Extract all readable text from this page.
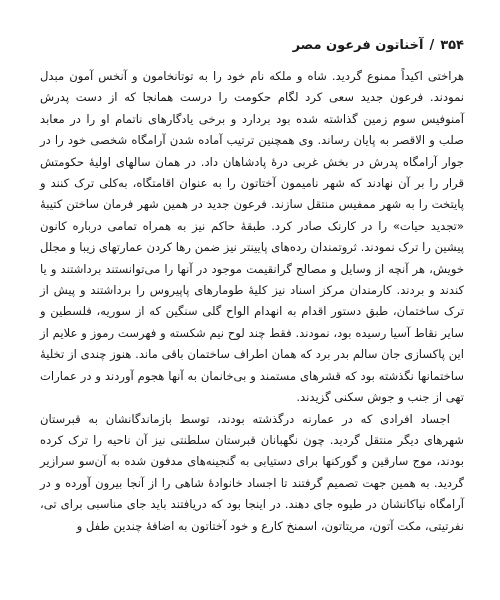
۳۵۴
/
آخناتون فرعون مصر

هراختی اکیداً ممنوع گردید. شاه و ملکه نام خود را به توتانخامون و آنخس آمون مبدل نمودند. فرعون جدید سعی کرد لگام حکومت را درست همانجا که از دست پدرش آمنوفیس سوم زمین گذاشته شده بود بردارد و برخی یادگارهای ناتمام او را در معابد صلب و الاقصر به پایان رساند. وی همچنین ترتیب آماده شدن آرامگاه شخصی خود را در جوار آرامگاه پدرش در بخش غربی درهٔ پادشاهان داد. در همان سالهای اولیهٔ حکومتش قرار را بر آن نهادند که شهر نامیمون آختاتون را به عنوان اقامتگاه، به‌کلی ترک کنند و پایتخت را به شهر ممفیس منتقل سازند. فرعون جدید در همین شهر فرمان ساختن کتیبهٔ «تجدید حیات» را در کارنک صادر کرد. طبقهٔ حاکم نیز به همراه تمامی درباره کانون پیشین را ترک نمودند. ثروتمندان رده‌های پایینتر نیز ضمن رها کردن عمارتهای زیبا و مجلل خویش، هر آنچه از وسایل و مصالح گرانقیمت موجود در آنها را می‌توانستند برداشتند و یا کندند و بردند. کارمندان مرکز اسناد نیز کلیهٔ طومارهای پاپیروس را برداشتند و پیش از ترک ساختمان، طبق دستور اقدام به انهدام الواح گلی سنگین که از سوریه، فلسطین و سایر نقاط آسیا رسیده بود، نمودند. فقط چند لوح نیم شکسته و فهرست رموز و علایم از این پاکسازی جان سالم بدر برد که همان اطراف ساختمان باقی ماند. هنوز چندی از تخلیهٔ ساختمانها نگذشته بود که قشرهای مستمند و بی‌خانمان به آنها هجوم آوردند و در عمارات تهی از جنب و جوش سکنی گزیدند.

اجساد افرادی که در عمارنه درگذشته بودند، توسط بازماندگانشان به قبرستان شهرهای دیگر منتقل گردید. چون نگهبانان قبرستان سلطنتی نیز آن ناحیه را ترک کرده بودند، موج سارقین و گورکنها برای دستیابی به گنجینه‌های مدفون شده به آن‌سو سرازیر گردید. به همین جهت تصمیم گرفتند تا اجساد خانوادهٔ شاهی را از آنجا بیرون آورده و در آرامگاه نیاکانشان در طیوه جای دهند. در اینجا بود که دریافتند باید جای مناسبی برای تی، نفرتیتی، مکت آتون، مریتاتون، اسمنخ کارع و خود آختاتون به اضافهٔ چندین طفل و
